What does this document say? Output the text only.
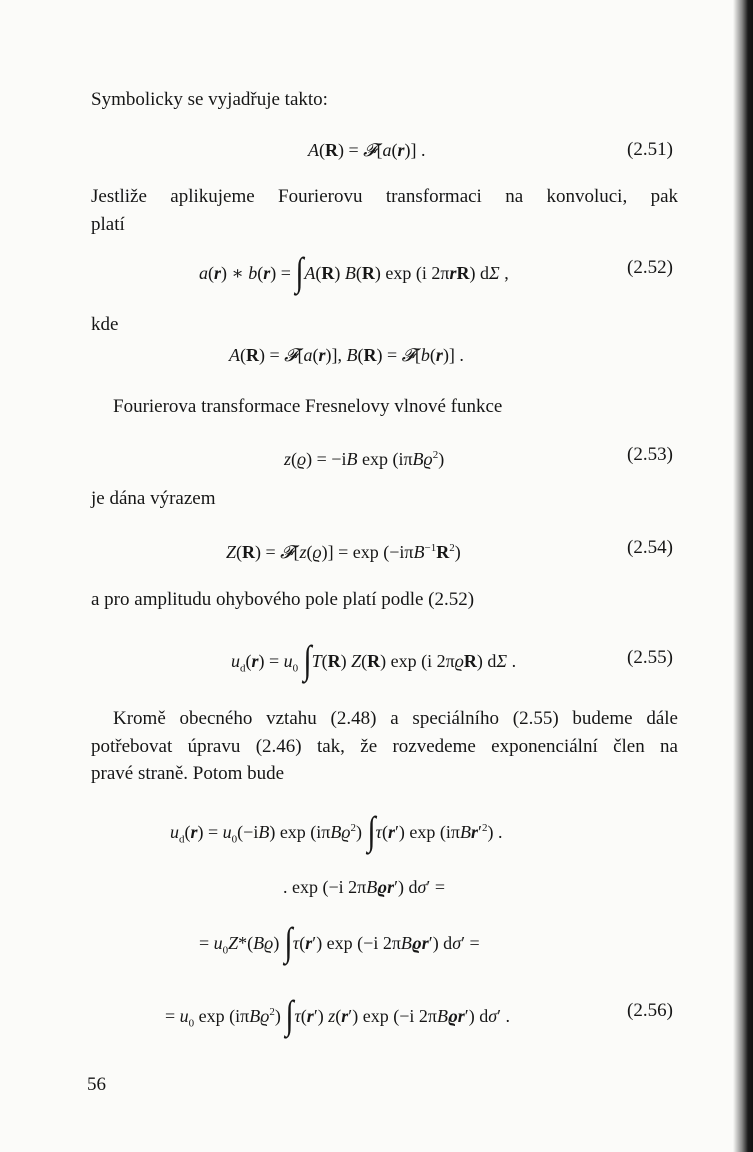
Symbolicky se vyjadřuje takto:
A(R) = 𝓕[a(r)] .	(2.51)
Jestliže aplikujeme Fourierovu transformaci na konvoluci, pak
platí
a(r) ∗ b(r) = ∫A(R) B(R) exp (i 2πrR) dΣ ,	(2.52)
kde
A(R) = 𝓕[a(r)], B(R) = 𝓕[b(r)] .
Fourierova transformace Fresnelovy vlnové funkce
z(ϱ) = −iB exp (iπBϱ$^2$)	(2.53)
je dána výrazem
Z(R) = 𝓕[z(ϱ)] = $\exp (-i\pi B^{-1}R^2)$	(2.54)
a pro amplitudu ohybového pole platí podle (2.52)
$u_d(r) = u_0$ ∫T(R) Z(R) exp (i 2πϱR) dΣ .	(2.55)
Kromě obecného vztahu (2.48) a speciálního (2.55) budeme dále
potřebovat úpravu (2.46) tak, že rozvedeme exponenciální člen na
pravé straně. Potom bude
$u_d(r) = u_0(-iB)$ exp (iπBϱ$^2$) ∫τ(r′) $\exp (i\pi Br'^2)$ .
. exp (−i 2πBϱr′) dσ′ =
= $u_0Z*(Bϱ)$ ∫τ(r′) exp (−i 2πBϱr′) dσ′ =
= $u_0$ exp (iπBϱ$^2$) ∫τ(r′) z(r′) exp (−i 2πBϱr′) dσ′ .	(2.56)
56
